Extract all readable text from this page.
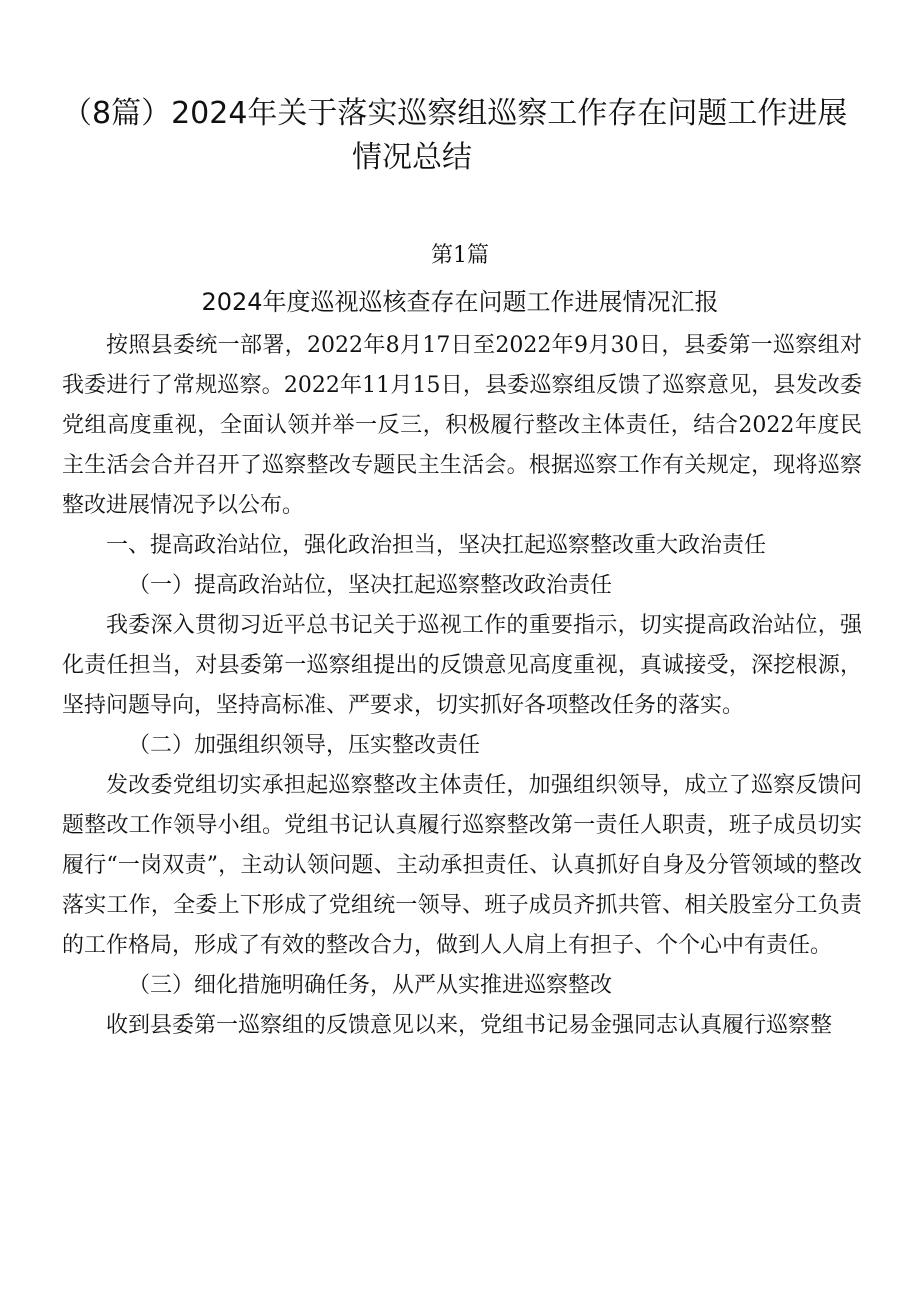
（8篇）2024年关于落实巡察组巡察工作存在问题工作进展
情况总结
第1篇
2024年度巡视巡核查存在问题工作进展情况汇报

按照县委统一部署，2022年8月17日至2022年9月30日，县委第一巡察组对我委进行了常规巡察。2022年11月15日，县委巡察组反馈了巡察意见，县发改委党组高度重视，全面认领并举一反三，积极履行整改主体责任，结合2022年度民主生活会合并召开了巡察整改专题民主生活会。根据巡察工作有关规定，现将巡察整改进展情况予以公布。

一、提高政治站位，强化政治担当，坚决扛起巡察整改重大政治责任

（一）提高政治站位，坚决扛起巡察整改政治责任

我委深入贯彻习近平总书记关于巡视工作的重要指示，切实提高政治站位，强化责任担当，对县委第一巡察组提出的反馈意见高度重视，真诚接受，深挖根源，坚持问题导向，坚持高标准、严要求，切实抓好各项整改任务的落实。

（二）加强组织领导，压实整改责任

发改委党组切实承担起巡察整改主体责任，加强组织领导，成立了巡察反馈问题整改工作领导小组。党组书记认真履行巡察整改第一责任人职责，班子成员切实履行“一岗双责”，主动认领问题、主动承担责任、认真抓好自身及分管领域的整改落实工作，全委上下形成了党组统一领导、班子成员齐抓共管、相关股室分工负责的工作格局，形成了有效的整改合力，做到人人肩上有担子、个个心中有责任。

（三）细化措施明确任务，从严从实推进巡察整改

收到县委第一巡察组的反馈意见以来，党组书记易金强同志认真履行巡察整
